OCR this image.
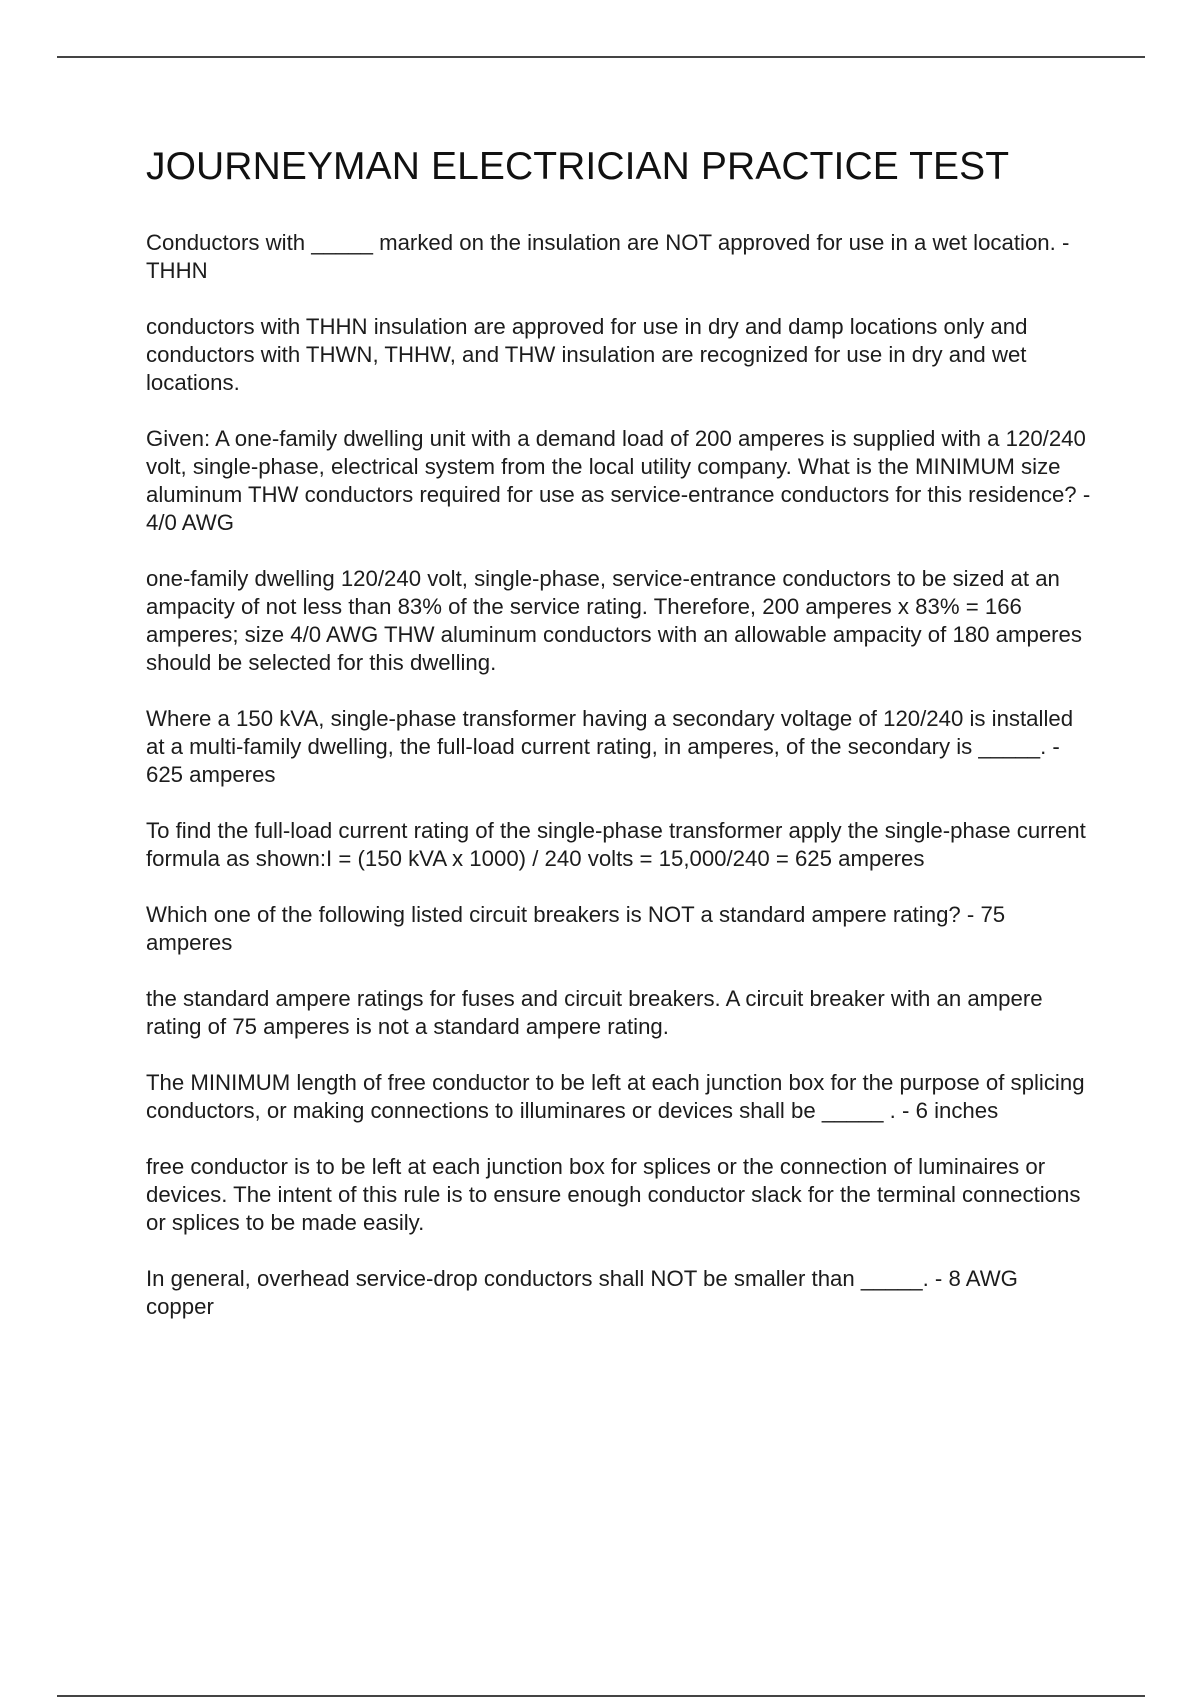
JOURNEYMAN ELECTRICIAN PRACTICE TEST

Conductors with _____ marked on the insulation are NOT approved for use in a wet location. - THHN

conductors with THHN insulation are approved for use in dry and damp locations only and conductors with THWN, THHW, and THW insulation are recognized for use in dry and wet locations.

Given: A one-family dwelling unit with a demand load of 200 amperes is supplied with a 120/240 volt, single-phase, electrical system from the local utility company. What is the MINIMUM size aluminum THW conductors required for use as service-entrance conductors for this residence? - 4/0 AWG

one-family dwelling 120/240 volt, single-phase, service-entrance conductors to be sized at an ampacity of not less than 83% of the service rating. Therefore, 200 amperes x 83% = 166 amperes; size 4/0 AWG THW aluminum conductors with an allowable ampacity of 180 amperes should be selected for this dwelling.

Where a 150 kVA, single-phase transformer having a secondary voltage of 120/240 is installed at a multi-family dwelling, the full-load current rating, in amperes, of the secondary is _____. - 625 amperes

To find the full-load current rating of the single-phase transformer apply the single-phase current formula as shown:I = (150 kVA x 1000) / 240 volts = 15,000/240 = 625 amperes

Which one of the following listed circuit breakers is NOT a standard ampere rating? - 75 amperes

the standard ampere ratings for fuses and circuit breakers. A circuit breaker with an ampere rating of 75 amperes is not a standard ampere rating.

The MINIMUM length of free conductor to be left at each junction box for the purpose of splicing conductors, or making connections to illuminares or devices shall be _____ . - 6 inches

free conductor is to be left at each junction box for splices or the connection of luminaires or devices. The intent of this rule is to ensure enough conductor slack for the terminal connections or splices to be made easily.

In general, overhead service-drop conductors shall NOT be smaller than _____. - 8 AWG copper
